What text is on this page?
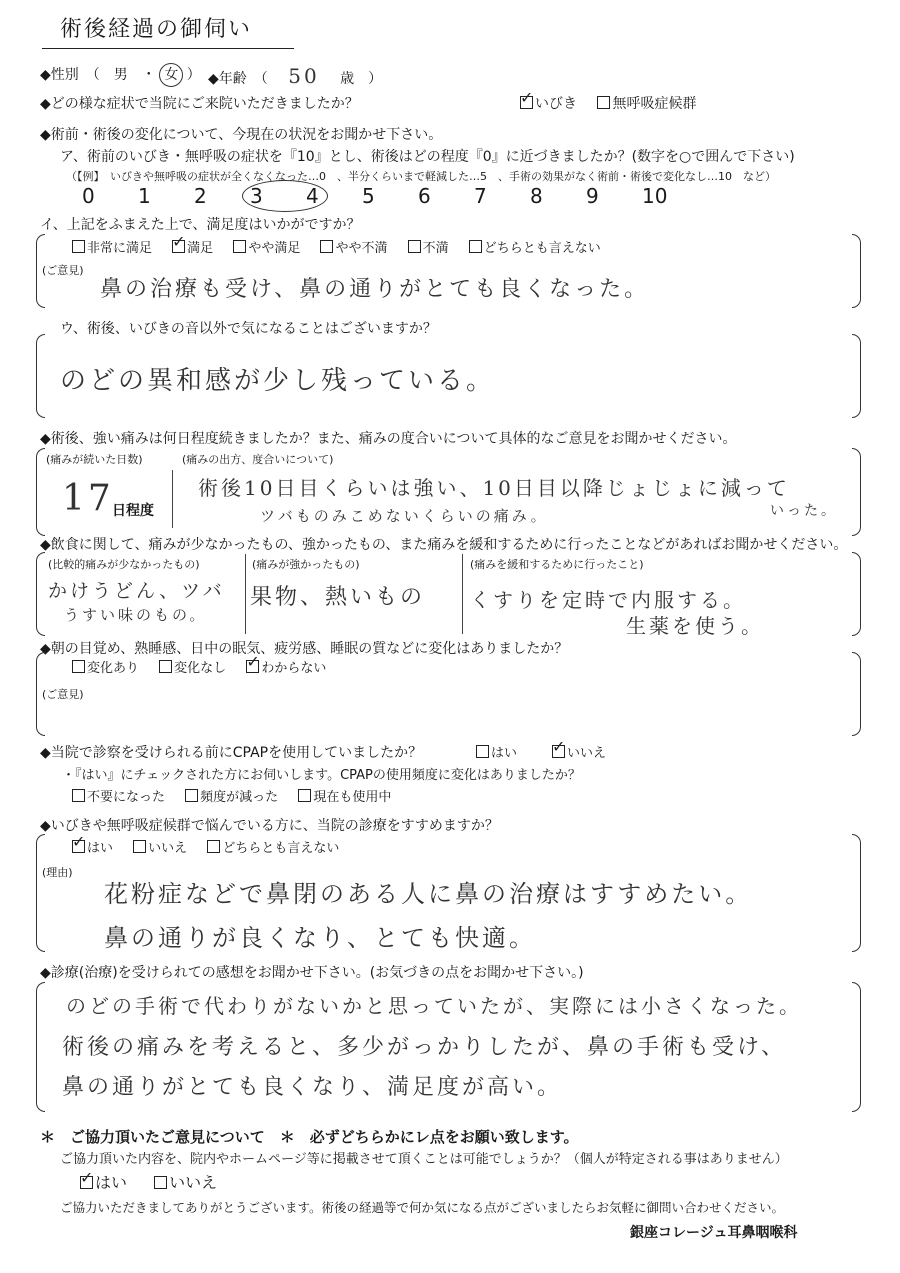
術後経過の御伺い
◆性別　（　男　・ 女 ） ◆年齢　（ 50 歳　）
◆どの様な症状で当院にご来院いただきましたか？ ✓	いびき	無呼吸症候群
◆術前・術後の変化について、今現在の状況をお聞かせ下さい。
ア、術前のいびき・無呼吸の症状を『10』とし、術後はどの程度『0』に近づきましたか？(数字を○で囲んで下さい)
（【例】　いびきや無呼吸の症状が全くなくなった…0　、半分くらいまで軽減した…5　、手術の効果がなく術前・術後で変化なし…10　など）
0 1 2 3 4 5 6 7 8 9 10
イ、上記をふまえた上で、満足度はいかがですか？
非常に満足 ✓	満足	やや満足	やや不満	不満	どちらとも言えない
(ご意見)
鼻の治療も受け、鼻の通りがとても良くなった。
ウ、術後、いびきの音以外で気になることはございますか？
のどの異和感が少し残っている。
◆術後、強い痛みは何日程度続きましたか？また、痛みの度合いについて具体的なご意見をお聞かせください。
(痛みが続いた日数)
17
日程度
(痛みの出方、度合いについて)
術後10日目くらいは強い、10日目以降じょじょに減って
ツバものみこめないくらいの痛み。	いった。
◆飲食に関して、痛みが少なかったもの、強かったもの、また痛みを緩和するために行ったことなどがあればお聞かせください。
(比較的痛みが少なかったもの)
かけうどん、ツバ
うすい味のもの。
(痛みが強かったもの)
果物、熱いもの
(痛みを緩和するために行ったこと)
くすりを定時で内服する。
生薬を使う。
◆朝の目覚め、熟睡感、日中の眠気、疲労感、睡眠の質などに変化はありましたか？
変化あり	変化なし ✓	わからない
(ご意見)
◆当院で診察を受けられる前にCPAPを使用していましたか？	はい ✓	いいえ
・『はい』にチェックされた方にお伺いします。CPAPの使用頻度に変化はありましたか？
不要になった	頻度が減った	現在も使用中
◆いびきや無呼吸症候群で悩んでいる方に、当院の診療をすすめますか？
✓はい	いいえ	どちらとも言えない
(理由)
花粉症などで鼻閉のある人に鼻の治療はすすめたい。
鼻の通りが良くなり、とても快適。
◆診療(治療)を受けられての感想をお聞かせ下さい。(お気づきの点をお聞かせ下さい。)
のどの手術で代わりがないかと思っていたが、実際には小さくなった。
術後の痛みを考えると、多少がっかりしたが、鼻の手術も受け、
鼻の通りがとても良くなり、満足度が高い。
＊　ご協力頂いたご意見について　＊　必ずどちらかにレ点をお願い致します。
ご協力頂いた内容を、院内やホームページ等に掲載させて頂くことは可能でしょうか？（個人が特定される事はありません）
✓はい	いいえ
ご協力いただきましてありがとうございます。術後の経過等で何か気になる点がございましたらお気軽に御問い合わせください。
銀座コレージュ耳鼻咽喉科
